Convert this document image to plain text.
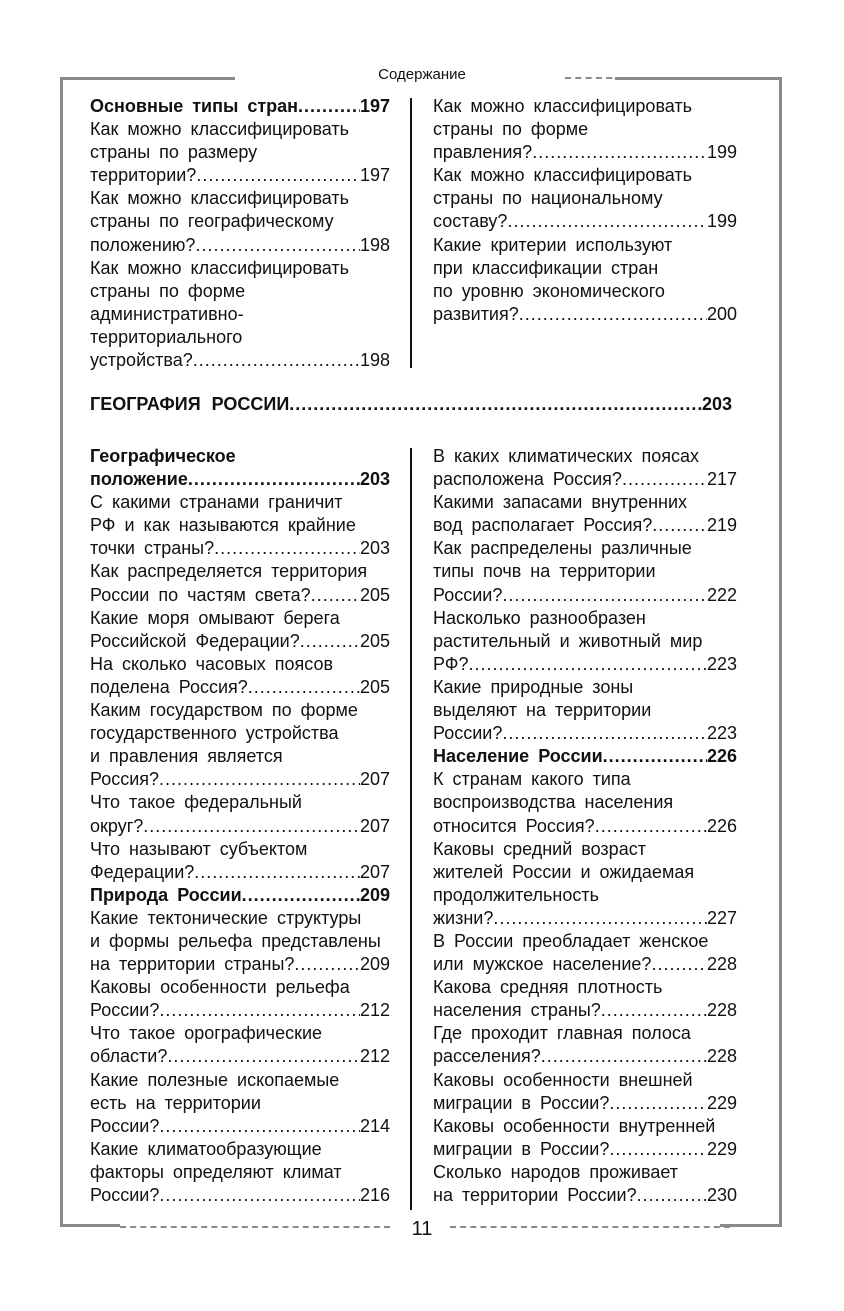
Содержание
11
Основные типы стран .....	197
Как можно классифицировать
страны по размеру
территории? .....	197
Как можно классифицировать
страны по географическому
положению? .....	198
Как можно классифицировать
страны по форме
административно-
территориального
устройства? .....	198
Как можно классифицировать
страны по форме
правления? .....	199
Как можно классифицировать
страны по национальному
составу? .....	199
Какие критерии используют
при классификации стран
по уровню экономического
развития? .....	200
ГЕОГРАФИЯ РОССИИ .....	203
Географическое
положение .....	203
С какими странами граничит
РФ и как называются крайние
точки страны? .....	203
Как распределяется территория
России по частям света? .....	205
Какие моря омывают берега
Российской Федерации? .....	205
На сколько часовых поясов
поделена Россия? .....	205
Каким государством по форме
государственного устройства
и правления является
Россия? .....	207
Что такое федеральный
округ? .....	207
Что называют субъектом
Федерации? .....	207
Природа России .....	209
Какие тектонические структуры
и формы рельефа представлены
на территории страны? .....	209
Каковы особенности рельефа
России? .....	212
Что такое орографические
области? .....	212
Какие полезные ископаемые
есть на территории
России? .....	214
Какие климатообразующие
факторы определяют климат
России? .....	216
В каких климатических поясах
расположена Россия? .....	217
Какими запасами внутренних
вод располагает Россия? .....	219
Как распределены различные
типы почв на территории
России? .....	222
Насколько разнообразен
растительный и животный мир
РФ? .....	223
Какие природные зоны
выделяют на территории
России? .....	223
Население России .....	226
К странам какого типа
воспроизводства населения
относится Россия? .....	226
Каковы средний возраст
жителей России и ожидаемая
продолжительность
жизни? .....	227
В России преобладает женское
или мужское население? .....	228
Какова средняя плотность
населения страны? .....	228
Где проходит главная полоса
расселения? .....	228
Каковы особенности внешней
миграции в России? .....	229
Каковы особенности внутренней
миграции в России? .....	229
Сколько народов проживает
на территории России? .....	230
